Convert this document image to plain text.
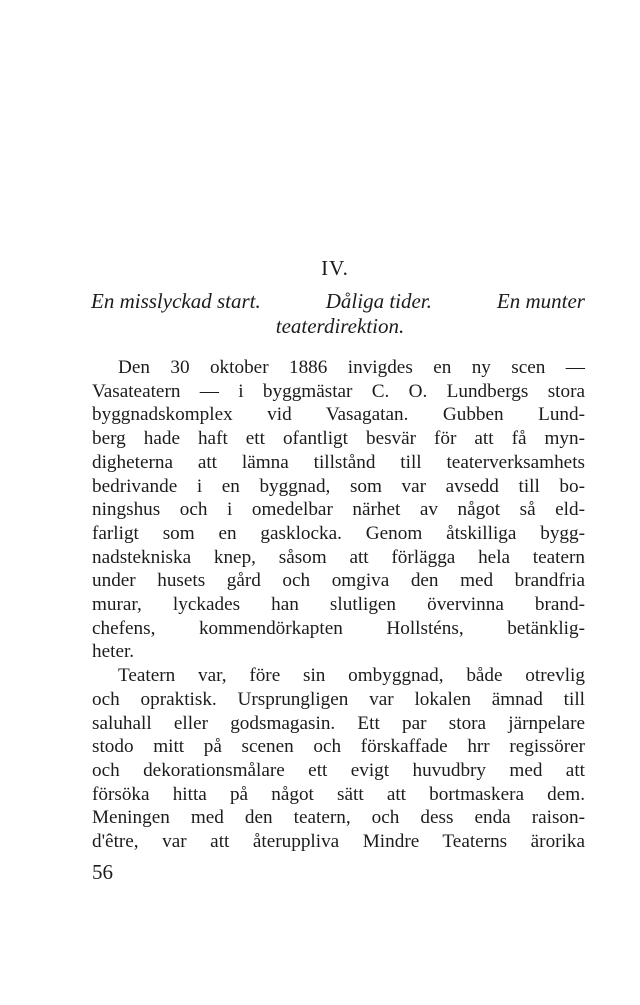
IV.
En misslyckad start.	Dåliga tider.	En munter
teaterdirektion.
Den 30 oktober 1886 invigdes en ny scen —
Vasateatern — i byggmästar C. O. Lundbergs stora
byggnadskomplex vid Vasagatan. Gubben Lund-
berg hade haft ett ofantligt besvär för att få myn-
digheterna att lämna tillstånd till teaterverksamhets
bedrivande i en byggnad, som var avsedd till bo-
ningshus och i omedelbar närhet av något så eld-
farligt som en gasklocka. Genom åtskilliga bygg-
nadstekniska knep, såsom att förlägga hela teatern
under husets gård och omgiva den med brandfria
murar, lyckades han slutligen övervinna brand-
chefens, kommendörkapten Hollsténs, betänklig-
heter.
Teatern var, före sin ombyggnad, både otrevlig
och opraktisk. Ursprungligen var lokalen ämnad till
saluhall eller godsmagasin. Ett par stora järnpelare
stodo mitt på scenen och förskaffade hrr regissörer
och dekorationsmålare ett evigt huvudbry med att
försöka hitta på något sätt att bortmaskera dem.
Meningen med den teatern, och dess enda raison-
d'être, var att återuppliva Mindre Teaterns ärorika
56
